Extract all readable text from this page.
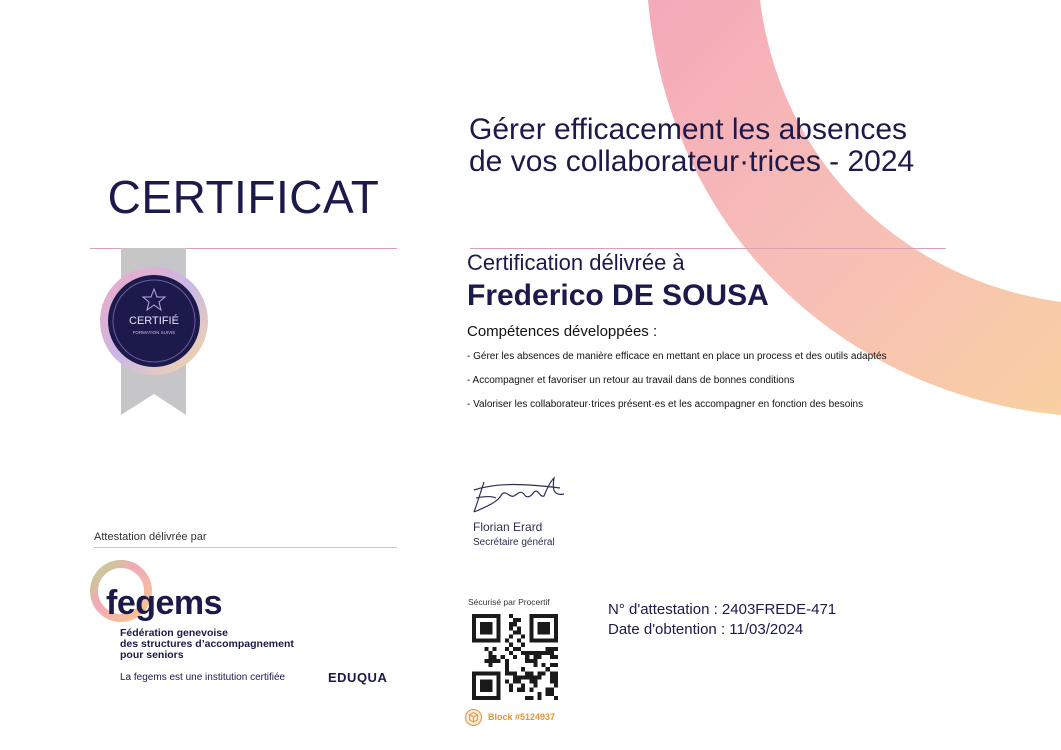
CERTIFICAT
Gérer efficacement les absences
de vos collaborateur·trices - 2024
CERTIFIÉ
FORMATION SUIVIE
Certification délivrée à
Frederico DE SOUSA
Compétences développées :
- Gérer les absences de manière efficace en mettant en place un process et des outils adaptés
- Accompagner et favoriser un retour au travail dans de bonnes conditions
- Valoriser les collaborateur·trices présent·es et les accompagner en fonction des besoins
Florian Erard
Secrétaire général
Attestation délivrée par
fegems
Fédération genevoise
des structures d’accompagnement
pour seniors
La fegems est une institution certifiée	EDUQUA
Sécurisé par Procertif
Block #5124937
N° d'attestation : 2403FREDE-471
Date d'obtention : 11/03/2024
